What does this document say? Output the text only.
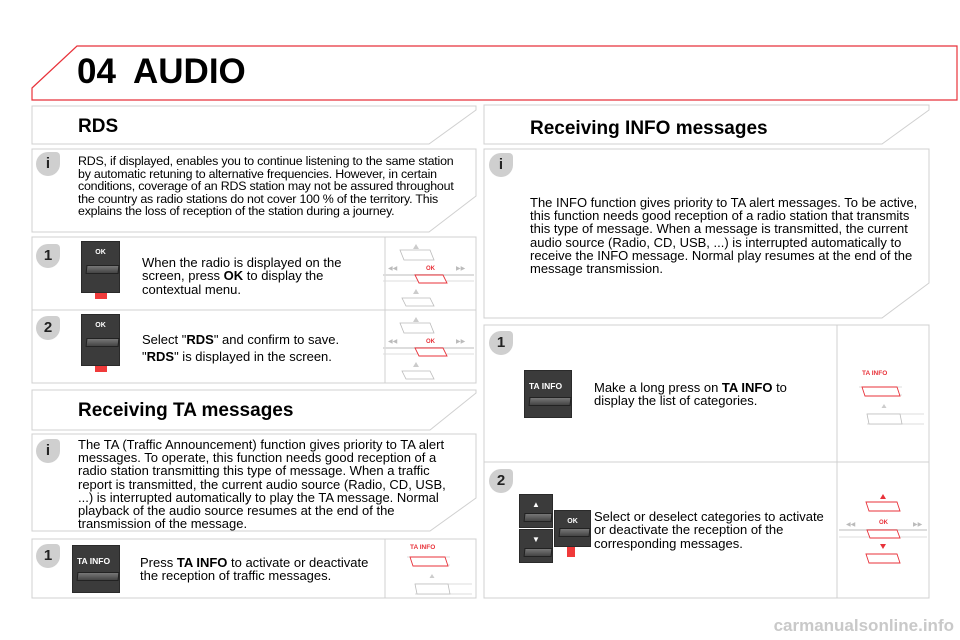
▶▶
◀◀	▶▶
04 AUDIO
RDS
i	RDS, if displayed, enables you to continue listening to the same station by automatic retuning to alternative frequencies. However, in certain conditions, coverage of an RDS station may not be assured throughout the country as radio stations do not cover 100 % of the territory. This explains the loss of reception of the station during a journey.
1	OK
When the radio is displayed on the screen, press OK to display the contextual menu.
OK
2	OK
Select "RDS" and confirm to save.
"RDS" is displayed in the screen.
OK
Receiving TA messages
i	The TA (Traffic Announcement) function gives priority to TA alert messages. To operate, this function needs good reception of a radio station transmitting this type of message. When a traffic report is transmitted, the current audio source (Radio, CD, USB, ...) is interrupted automatically to play the TA message. Normal playback of the audio source resumes at the end of the transmission of the message.
1	TA INFO	Press TA INFO to activate or deactivate the reception of traffic messages.
TA INFO
Receiving INFO messages
i
The INFO function gives priority to TA alert messages. To be active, this function needs good reception of a radio station that transmits this type of message. When a message is transmitted, the current audio source (Radio, CD, USB, ...) is interrupted automatically to receive the INFO message. Normal play resumes at the end of the message transmission.
1
TA INFO	Make a long press on TA INFO to display the list of categories.
TA INFO
2
▲
▼
OK	Select or deselect categories to activate or deactivate the reception of the corresponding messages.
OK
carmanualsonline.info
